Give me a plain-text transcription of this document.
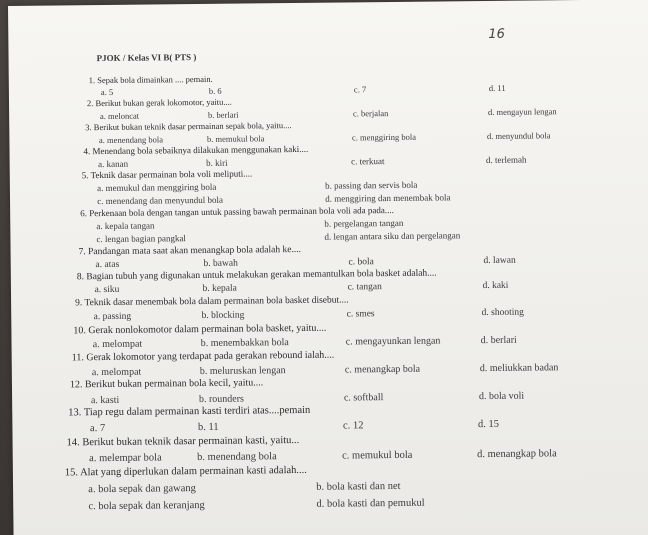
16
PJOK / Kelas VI B( PTS )
1. Sepak bola dimainkan .... pemain.
a. 5	b. 6	c. 7	d. 11
2. Berikut bukan gerak lokomotor, yaitu....
a. meloncat	b. berlari	c. berjalan	d. mengayun lengan
3. Berikut bukan teknik dasar permainan sepak bola, yaitu....
a. menendang bola	b. memukul bola	c. menggiring bola	d. menyundul bola
4. Menendang bola sebaiknya dilakukan menggunakan kaki....
a. kanan	b. kiri	c. terkuat	d. terlemah
5. Teknik dasar permainan bola voli meliputi....
a. memukul dan menggiring bola	b. passing dan servis bola
c. menendang dan menyundul bola	d. menggiring dan menembak bola
6. Perkenaan bola dengan tangan untuk passing bawah permainan bola voli ada pada....
a. kepala tangan	b. pergelangan tangan
c. lengan bagian pangkal	d. lengan antara siku dan pergelangan
7. Pandangan mata saat akan menangkap bola adalah ke....
a. atas	b. bawah	c. bola	d. lawan
8. Bagian tubuh yang digunakan untuk melakukan gerakan memantulkan bola basket adalah....
a. siku	b. kepala	c. tangan	d. kaki
9. Teknik dasar menembak bola dalam permainan bola basket disebut....
a. passing	b. blocking	c. smes	d. shooting
10. Gerak nonlokomotor dalam permainan bola basket, yaitu....
a. melompat	b. menembakkan bola	c. mengayunkan lengan	d. berlari
11. Gerak lokomotor yang terdapat pada gerakan rebound ialah....
a. melompat	b. meluruskan lengan	c. menangkap bola	d. meliukkan badan
12. Berikut bukan permainan bola kecil, yaitu....
a. kasti	b. rounders	c. softball	d. bola voli
13. Tiap regu dalam permainan kasti terdiri atas....pemain
a. 7	b. 11	c. 12	d. 15
14. Berikut bukan teknik dasar permainan kasti, yaitu...
a. melempar bola	b. menendang bola	c. memukul bola	d. menangkap bola
15. Alat yang diperlukan dalam permainan kasti adalah....
a. bola sepak dan gawang	b. bola kasti dan net
c. bola sepak dan keranjang	d. bola kasti dan pemukul
